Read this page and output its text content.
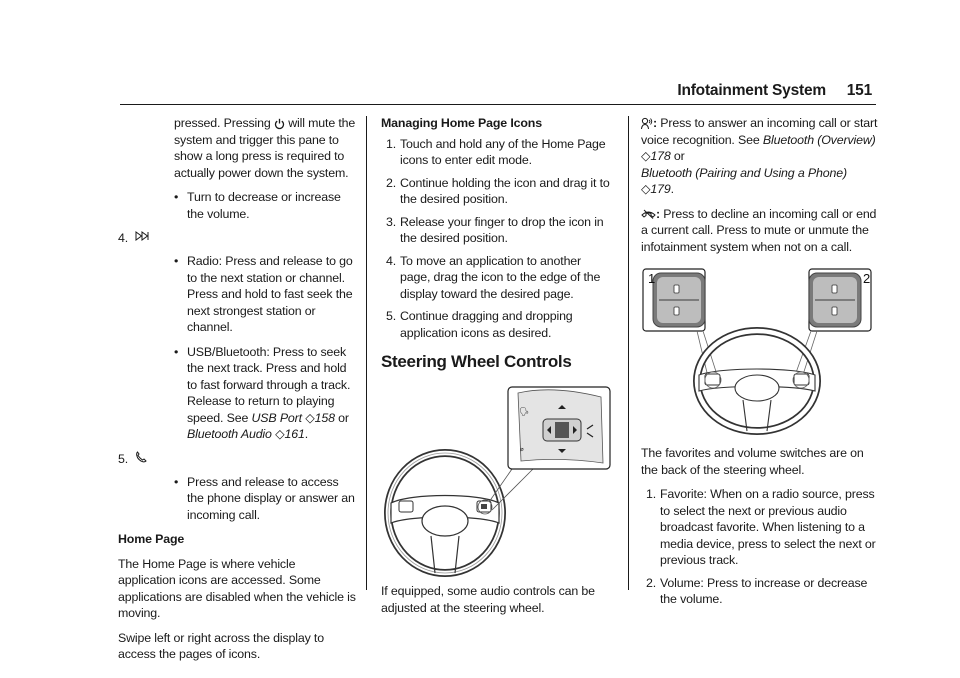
Infotainment System 151

pressed. Pressing will mute the system and trigger this pane to show a long press is required to actually power down the system.

• Turn to decrease or increase the volume.
4.
• Radio: Press and release to go to the next station or channel. Press and hold to fast seek the next strongest station or channel.
• USB/Bluetooth: Press to seek the next track. Press and hold to fast forward through a track. Release to return to playing speed. See USB Port ◇158 or
Bluetooth Audio ◇161.
5.
• Press and release to access the phone display or answer an incoming call.

Home Page

The Home Page is where vehicle application icons are accessed. Some applications are disabled when the vehicle is moving.

Swipe left or right across the display to access the pages of icons.

Managing Home Page Icons

1. Touch and hold any of the Home Page icons to enter edit mode.
2. Continue holding the icon and drag it to the desired position.
3. Release your finger to drop the icon in the desired position.
4. To move an application to another page, drag the icon to the edge of the display toward the desired page.
5. Continue dragging and dropping application icons as desired.
Steering Wheel Controls
🗣
⌀

If equipped, some audio controls can be adjusted at the steering wheel.

: Press to answer an incoming call or start voice recognition. See Bluetooth (Overview) ◇178 or
Bluetooth (Pairing and Using a Phone) ◇179.

: Press to decline an incoming call or end a current call. Press to mute or unmute the infotainment system when not on a call.

1	2

The favorites and volume switches are on the back of the steering wheel.

1. Favorite: When on a radio source, press to select the next or previous audio broadcast favorite. When listening to a media device, press to select the next or previous track.
2. Volume: Press to increase or decrease the volume.
